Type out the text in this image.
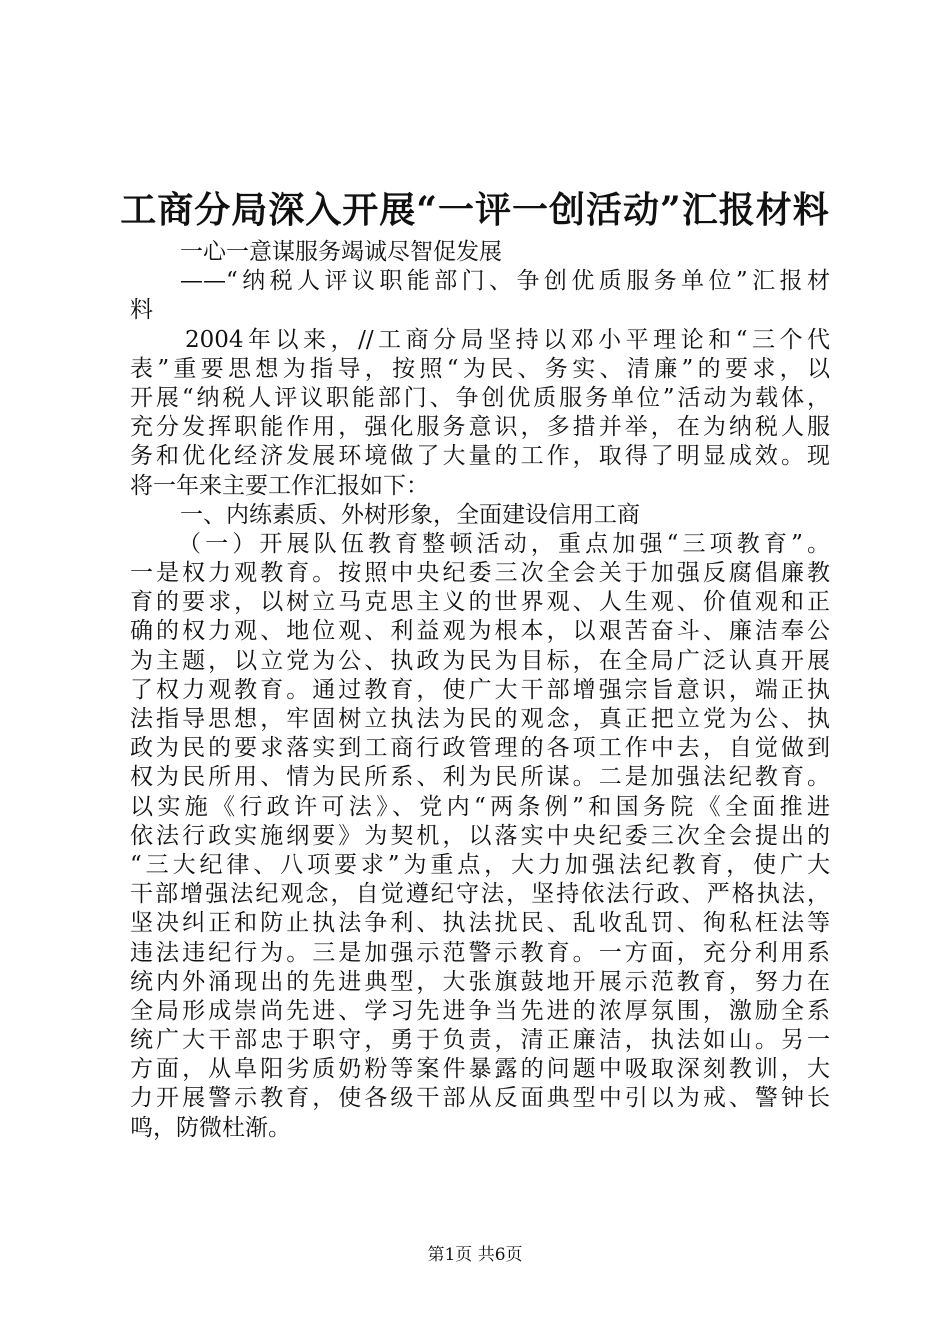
工商分局深入开展“一评一创活动”汇报材料
一心一意谋服务竭诚尽智促发展
——“纳税人评议职能部门、争创优质服务单位”汇报材
料
2004年以来，//工商分局坚持以邓小平理论和“三个代
表”重要思想为指导，按照“为民、务实、清廉”的要求，以
开展“纳税人评议职能部门、争创优质服务单位”活动为载体，
充分发挥职能作用，强化服务意识，多措并举，在为纳税人服
务和优化经济发展环境做了大量的工作，取得了明显成效。现
将一年来主要工作汇报如下：
一、内练素质、外树形象，全面建设信用工商
（一）开展队伍教育整顿活动，重点加强“三项教育”。
一是权力观教育。按照中央纪委三次全会关于加强反腐倡廉教
育的要求，以树立马克思主义的世界观、人生观、价值观和正
确的权力观、地位观、利益观为根本，以艰苦奋斗、廉洁奉公
为主题，以立党为公、执政为民为目标，在全局广泛认真开展
了权力观教育。通过教育，使广大干部增强宗旨意识，端正执
法指导思想，牢固树立执法为民的观念，真正把立党为公、执
政为民的要求落实到工商行政管理的各项工作中去，自觉做到
权为民所用、情为民所系、利为民所谋。二是加强法纪教育。
以实施《行政许可法》、党内“两条例”和国务院《全面推进
依法行政实施纲要》为契机，以落实中央纪委三次全会提出的
“三大纪律、八项要求”为重点，大力加强法纪教育，使广大
干部增强法纪观念，自觉遵纪守法，坚持依法行政、严格执法，
坚决纠正和防止执法争利、执法扰民、乱收乱罚、徇私枉法等
违法违纪行为。三是加强示范警示教育。一方面，充分利用系
统内外涌现出的先进典型，大张旗鼓地开展示范教育，努力在
全局形成崇尚先进、学习先进争当先进的浓厚氛围，激励全系
统广大干部忠于职守，勇于负责，清正廉洁，执法如山。另一
方面，从阜阳劣质奶粉等案件暴露的问题中吸取深刻教训，大
力开展警示教育，使各级干部从反面典型中引以为戒、警钟长
鸣，防微杜渐。
第1页 共6页
